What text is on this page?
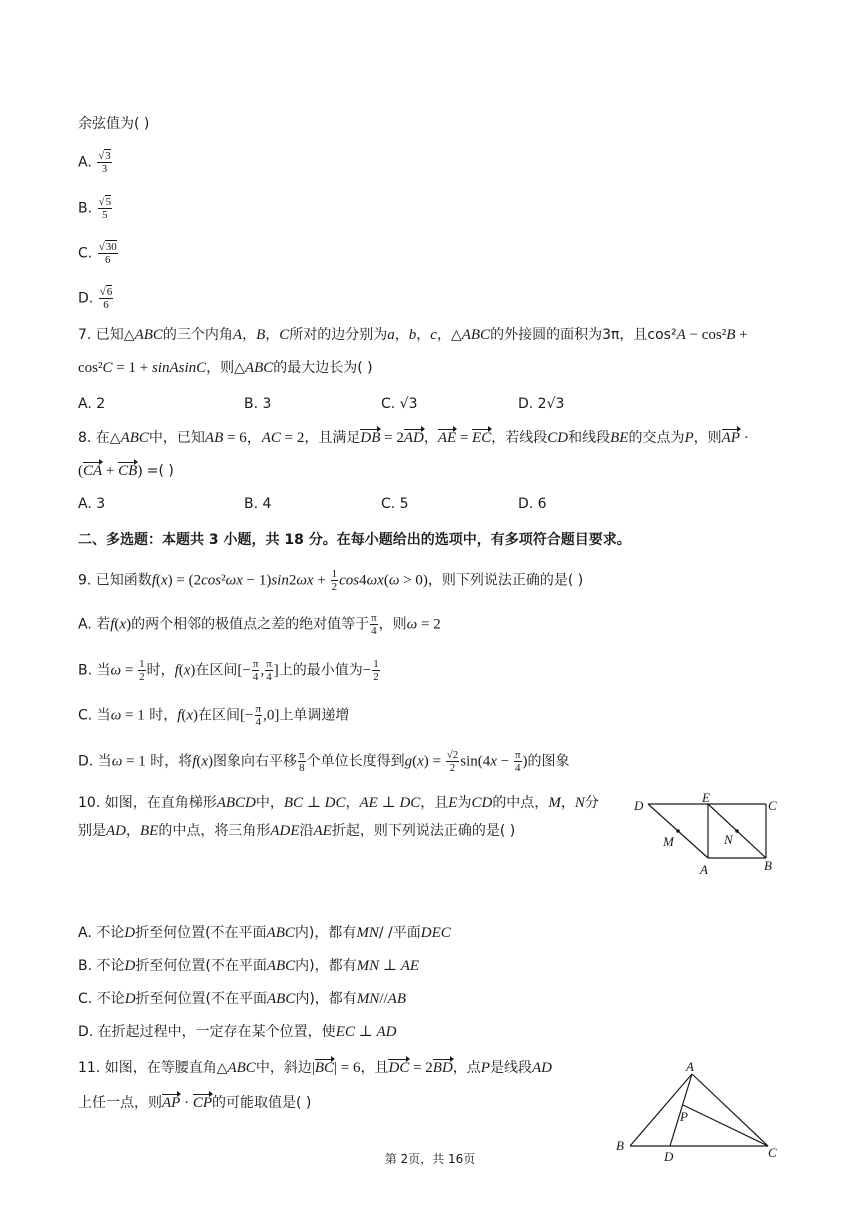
余弦值为( )
A. $\frac{√3}{3}$
B. $\frac{√5}{5}$
C. $\frac{√30}{6}$
D. $\frac{√6}{6}$
7. 已知△ABC的三个内角A，B，C所对的边分别为a，b，c，△ABC的外接圆的面积为3π，且cos²A − cos²B +
cos²C = 1 + sinAsinC，则△ABC的最大边长为( )
A. 2	B. 3	C. √3	D. 2√3
8. 在△ABC中，已知AB = 6，AC = 2，且满足DB = 2AD，AE = EC，若线段CD和线段BE的交点为P，则AP ·
(CA + CB) =( )
A. 3	B. 4	C. 5	D. 6
二、多选题：本题共 3 小题，共 18 分。在每小题给出的选项中，有多项符合题目要求。
9. 已知函数$f(x) = (2\cos^2\omega x - 1)\sin 2\omega x + \frac{1}{2} \cos 4\omega x(\omega > 0)$，则下列说法正确的是( )
A. 若f(x)的两个相邻的极值点之差的绝对值等于 $\frac{\pi}{4}$ ，则ω = 2
B. 当$\omega = \frac{1}{2}$ 时，f(x)在区间[− $\frac{\pi}{4}$ , $\frac{\pi}{4}$ ]上的最小值为− $\frac{1}{2}$
C. 当ω = 1 时，f(x)在区间[− $\frac{\pi}{4} ,0$]上单调递增
D. 当ω = 1 时，将f(x)图象向右平移 $\frac{\pi}{8}$ 个单位长度得到$g(x) = \frac{√2}{2} \sin(4x - \frac{\pi}{4}$ )的图象
10. 如图，在直角梯形ABCD中，BC ⊥ DC，AE ⊥ DC，且E为CD的中点，M，N分
别是AD，BE的中点，将三角形ADE沿AE折起，则下列说法正确的是( )
D
E
C
M	N
A	B
A. 不论D折至何位置(不在平面ABC内)，都有MN/ /平面DEC
B. 不论D折至何位置(不在平面ABC内)，都有MN ⊥ AE
C. 不论D折至何位置(不在平面ABC内)，都有MN//AB
D. 在折起过程中，一定存在某个位置，使EC ⊥ AD
11. 如图，在等腰直角△ABC中，斜边|BC| = 6，且DC = 2BD，点P是线段AD
上任一点，则AP · CP的可能取值是( )
A
P
B
D	C
第 2页，共 16页
